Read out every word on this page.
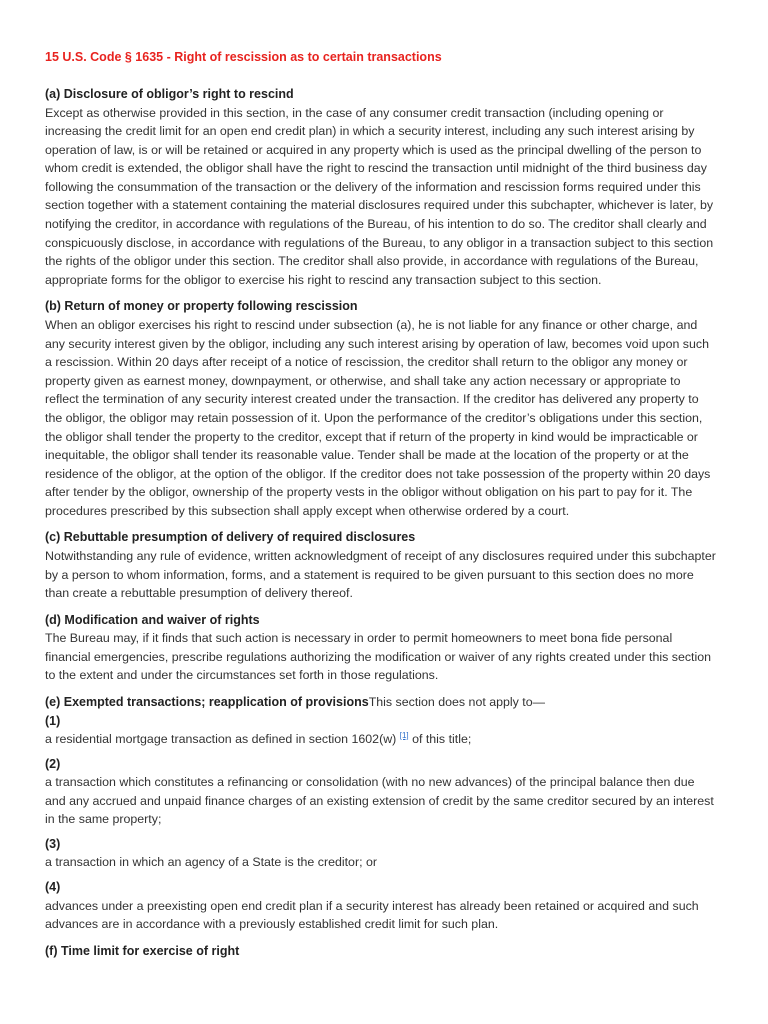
15 U.S. Code § 1635 - Right of rescission as to certain transactions
(a) Disclosure of obligor’s right to rescind

Except as otherwise provided in this section, in the case of any consumer credit transaction (including opening or
increasing the credit limit for an open end credit plan) in which a security interest, including any such interest arising by
operation of law, is or will be retained or acquired in any property which is used as the principal dwelling of the person to
whom credit is extended, the obligor shall have the right to rescind the transaction until midnight of the third business day
following the consummation of the transaction or the delivery of the information and rescission forms required under this
section together with a statement containing the material disclosures required under this subchapter, whichever is later, by
notifying the creditor, in accordance with regulations of the Bureau, of his intention to do so. The creditor shall clearly and
conspicuously disclose, in accordance with regulations of the Bureau, to any obligor in a transaction subject to this section
the rights of the obligor under this section. The creditor shall also provide, in accordance with regulations of the Bureau,
appropriate forms for the obligor to exercise his right to rescind any transaction subject to this section.

(b) Return of money or property following rescission

When an obligor exercises his right to rescind under subsection (a), he is not liable for any finance or other charge, and
any security interest given by the obligor, including any such interest arising by operation of law, becomes void upon such
a rescission. Within 20 days after receipt of a notice of rescission, the creditor shall return to the obligor any money or
property given as earnest money, downpayment, or otherwise, and shall take any action necessary or appropriate to
reflect the termination of any security interest created under the transaction. If the creditor has delivered any property to
the obligor, the obligor may retain possession of it. Upon the performance of the creditor’s obligations under this section,
the obligor shall tender the property to the creditor, except that if return of the property in kind would be impracticable or
inequitable, the obligor shall tender its reasonable value. Tender shall be made at the location of the property or at the
residence of the obligor, at the option of the obligor. If the creditor does not take possession of the property within 20 days
after tender by the obligor, ownership of the property vests in the obligor without obligation on his part to pay for it. The
procedures prescribed by this subsection shall apply except when otherwise ordered by a court.

(c) Rebuttable presumption of delivery of required disclosures

Notwithstanding any rule of evidence, written acknowledgment of receipt of any disclosures required under this subchapter
by a person to whom information, forms, and a statement is required to be given pursuant to this section does no more
than create a rebuttable presumption of delivery thereof.

(d) Modification and waiver of rights

The Bureau may, if it finds that such action is necessary in order to permit homeowners to meet bona fide personal
financial emergencies, prescribe regulations authorizing the modification or waiver of any rights created under this section
to the extent and under the circumstances set forth in those regulations.

(e) Exempted transactions; reapplication of provisionsThis section does not apply to—
(1)

a residential mortgage transaction as defined in section 1602(w) [1] of this title;

(2)

a transaction which constitutes a refinancing or consolidation (with no new advances) of the principal balance then due
and any accrued and unpaid finance charges of an existing extension of credit by the same creditor secured by an interest
in the same property;

(3)

a transaction in which an agency of a State is the creditor; or

(4)

advances under a preexisting open end credit plan if a security interest has already been retained or acquired and such
advances are in accordance with a previously established credit limit for such plan.

(f) Time limit for exercise of right
